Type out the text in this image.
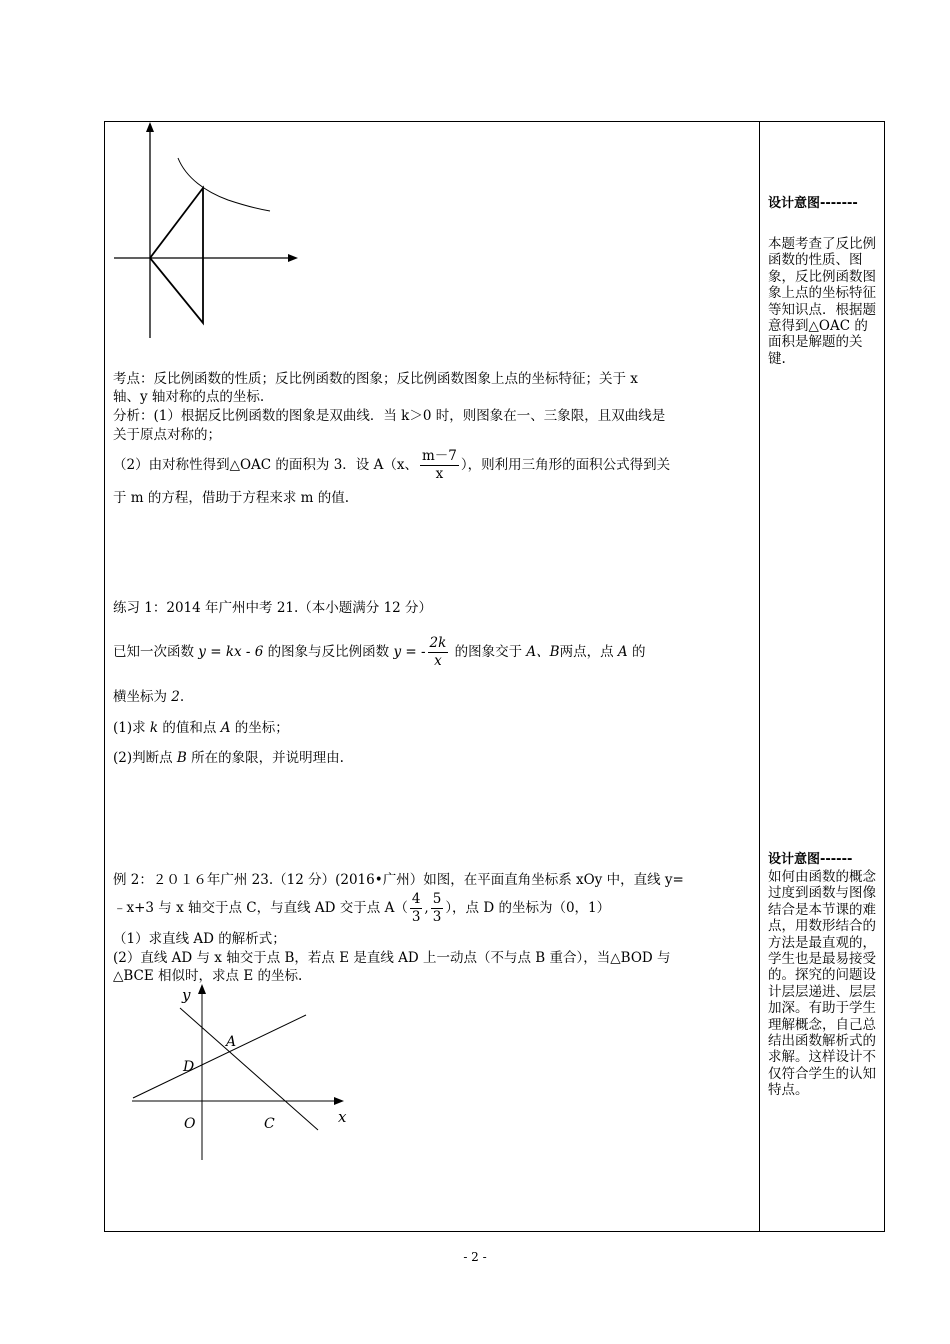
考点：反比例函数的性质；反比例函数的图象；反比例函数图象上点的坐标特征；关于 x
轴、y 轴对称的点的坐标.
分析：(1）根据反比例函数的图象是双曲线．当 k＞0 时，则图象在一、三象限，且双曲线是
关于原点对称的；
（2）由对称性得到△OAC 的面积为 3．设 A（x、 $\frac{m-7}{x}$ ），则利用三角形的面积公式得到关
于 m 的方程，借助于方程来求 m 的值.
练习 1：2014 年广州中考 21.（本小题满分 12 分）
已知一次函数 y = kx - 6 的图象与反比例函数 y = - $\frac{2k}{x}$ 的图象交于 A、B两点，点 A 的
横坐标为 2.
(1)求 k 的值和点 A 的坐标；
(2)判断点 B 所在的象限，并说明理由.
例 2：２０１６年广州 23.（12 分）(2016•广州）如图，在平面直角坐标系 xOy 中，直线 y=
﹣x+3 与 x 轴交于点 C，与直线 AD 交于点 $A( \frac{4}{3}$ , $\frac{5}{3}$ ），点 D 的坐标为（0，1）
（1）求直线 AD 的解析式；
(2）直线 AD 与 x 轴交于点 B，若点 E 是直线 AD 上一动点（不与点 B 重合），当△BOD 与
△BCE 相似时，求点 E 的坐标.
y
x
A
D
O	C
设计意图-------
本题考查了反比例函数的性质、图象，反比例函数图象上点的坐标特征等知识点．根据题意得到△OAC 的面积是解题的关键.
设计意图------
如何由函数的概念过度到函数与图像结合是本节课的难点，用数形结合的方法是最直观的，学生也是最易接受的。探究的问题设计层层递进、层层加深。有助于学生理解概念，自己总结出函数解析式的求解。这样设计不仅符合学生的认知特点。
- 2 -
